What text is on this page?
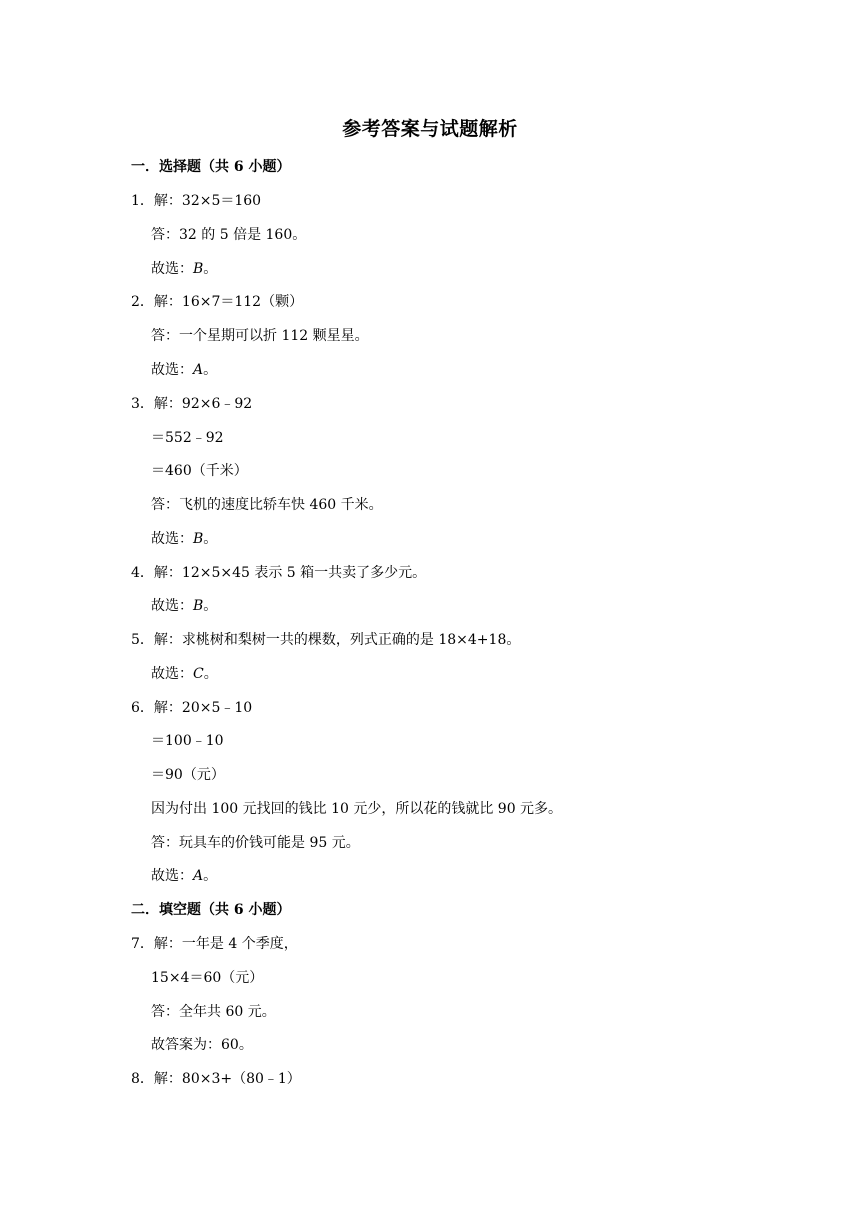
参考答案与试题解析
一．选择题（共 6 小题）
1．解：32×5＝160
答：32 的 5 倍是 160。
故选：B。
2．解：16×7＝112（颗）
答：一个星期可以折 112 颗星星。
故选：A。
3．解：92×6﹣92
＝552﹣92
＝460（千米）
答：飞机的速度比轿车快 460 千米。
故选：B。
4．解：12×5×45 表示 5 箱一共卖了多少元。
故选：B。
5．解：求桃树和梨树一共的棵数，列式正确的是 18×4+18。
故选：C。
6．解：20×5﹣10
＝100﹣10
＝90（元）
因为付出 100 元找回的钱比 10 元少，所以花的钱就比 90 元多。
答：玩具车的价钱可能是 95 元。
故选：A。
二．填空题（共 6 小题）
7．解：一年是 4 个季度，
15×4＝60（元）
答：全年共 60 元。
故答案为：60。
8．解：80×3+（80﹣1）
